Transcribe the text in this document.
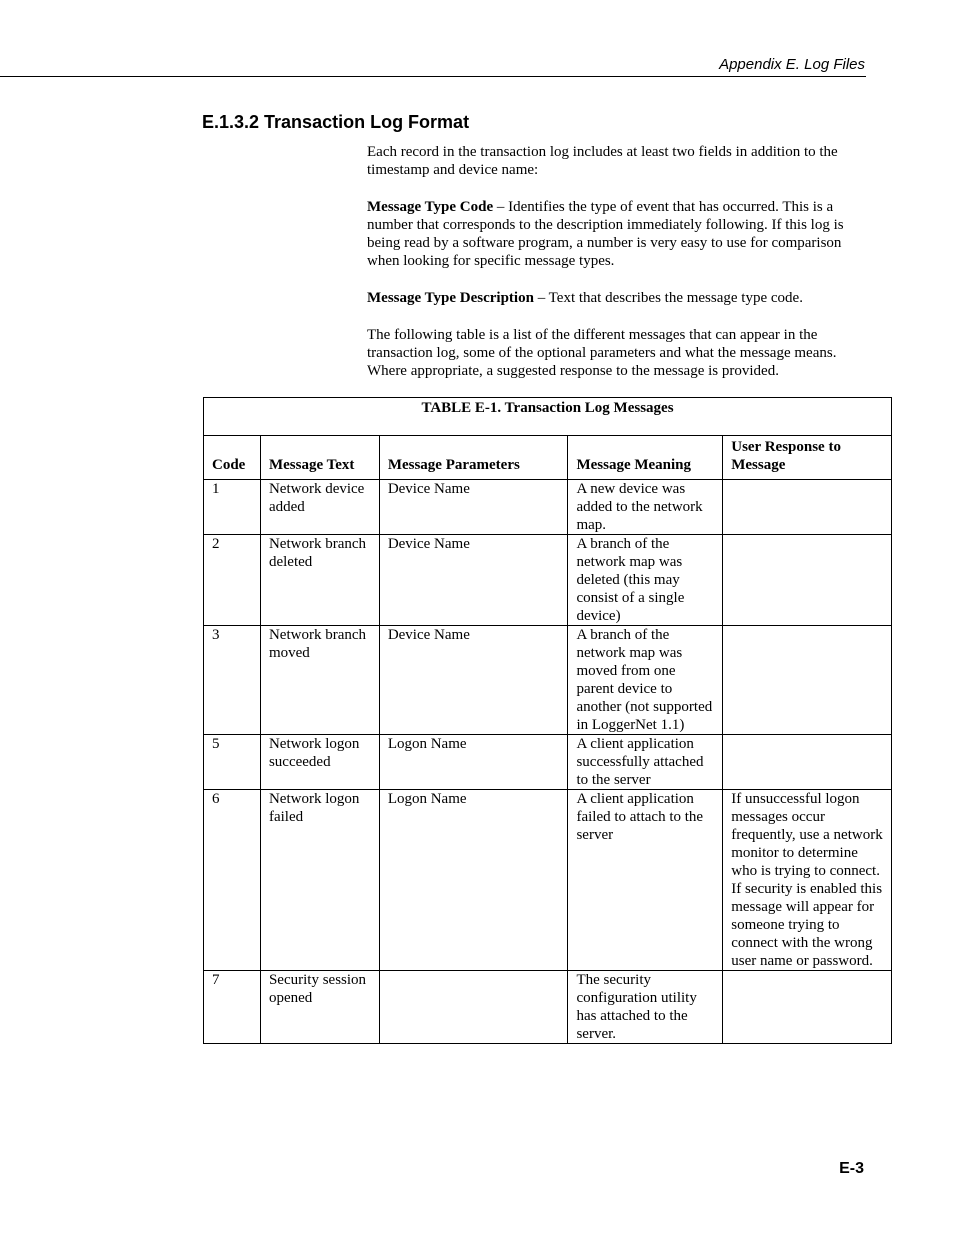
Appendix E. Log Files
E.1.3.2 Transaction Log Format

Each record in the transaction log includes at least two fields in addition to the timestamp and device name:

Message Type Code – Identifies the type of event that has occurred. This is a number that corresponds to the description immediately following. If this log is being read by a software program, a number is very easy to use for comparison when looking for specific message types.

Message Type Description – Text that describes the message type code.

The following table is a list of the different messages that can appear in the transaction log, some of the optional parameters and what the message means. Where appropriate, a suggested response to the message is provided.

TABLE E-1. Transaction Log Messages				
Code	Message Text	Message Parameters	Message Meaning	User Response to Message
1	Network device added	Device Name	A new device was added to the network map.	
2	Network branch deleted	Device Name	A branch of the network map was deleted (this may consist of a single device)	
3	Network branch moved	Device Name	A branch of the network map was moved from one parent device to another (not supported in LoggerNet 1.1)	
5	Network logon succeeded	Logon Name	A client application successfully attached to the server	
6	Network logon failed	Logon Name	A client application failed to attach to the server	If unsuccessful logon messages occur frequently, use a network monitor to determine who is trying to connect. If security is enabled this message will appear for someone trying to connect with the wrong user name or password.
7	Security session opened		The security configuration utility has attached to the server.	
E-3
